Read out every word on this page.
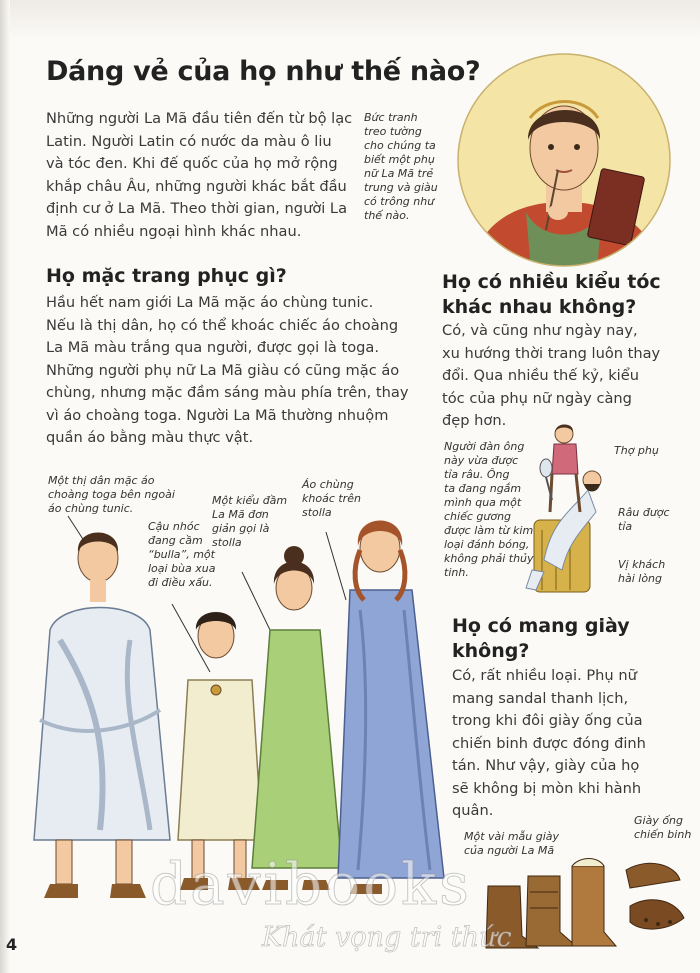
Dáng vẻ của họ như thế nào?
Những người La Mã đầu tiên đến từ bộ lạc
Latin. Người Latin có nước da màu ô liu
và tóc đen. Khi đế quốc của họ mở rộng
khắp châu Âu, những người khác bắt đầu
định cư ở La Mã. Theo thời gian, người La
Mã có nhiều ngoại hình khác nhau.
Bức tranh
treo tường
cho chúng ta
biết một phụ
nữ La Mã trẻ
trung và giàu
có trông như
thế nào.
Họ mặc trang phục gì?
Hầu hết nam giới La Mã mặc áo chùng tunic.
Nếu là thị dân, họ có thể khoác chiếc áo choàng
La Mã màu trắng qua người, được gọi là toga.
Những người phụ nữ La Mã giàu có cũng mặc áo
chùng, nhưng mặc đầm sáng màu phía trên, thay
vì áo choàng toga. Người La Mã thường nhuộm
quần áo bằng màu thực vật.
Họ có nhiều kiểu tóc
khác nhau không?
Có, và cũng như ngày nay,
xu hướng thời trang luôn thay
đổi. Qua nhiều thế kỷ, kiểu
tóc của phụ nữ ngày càng
đẹp hơn.
Người đàn ông
này vừa được
tỉa râu. Ông
ta đang ngắm
mình qua một
chiếc gương
được làm từ kim
loại đánh bóng,
không phải thủy
tinh.
Thợ phụ
Râu được
tỉa
Vị khách
hài lòng
Một thị dân mặc áo
choàng toga bên ngoài
áo chùng tunic.
Cậu nhóc
đang cầm
“bulla”, một
loại bùa xua
đi điều xấu.
Một kiểu đầm
La Mã đơn
giản gọi là
stolla
Áo chùng
khoác trên
stolla
Họ có mang giày
không?
Có, rất nhiều loại. Phụ nữ
mang sandal thanh lịch,
trong khi đôi giày ống của
chiến binh được đóng đinh
tán. Như vậy, giày của họ
sẽ không bị mòn khi hành
quân.
Một vài mẫu giày
của người La Mã
Giày ống
chiến binh
4
davibooks
Khát vọng tri thức
